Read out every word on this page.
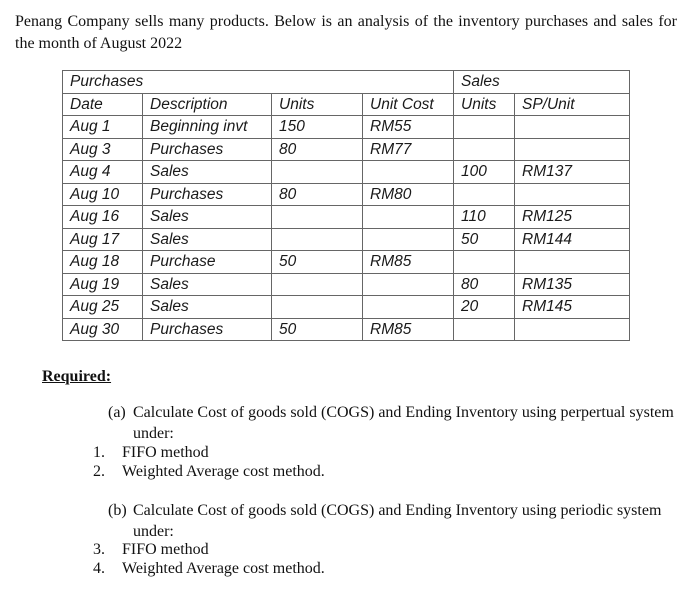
Penang Company sells many products. Below is an analysis of the inventory purchases and sales for the month of August 2022
Purchases				Sales	
Date	Description	Units	Unit Cost	Units	SP/Unit
Aug 1	Beginning invt	150	RM55		
Aug 3	Purchases	80	RM77		
Aug 4	Sales			100	RM137
Aug 10	Purchases	80	RM80		
Aug 16	Sales			110	RM125
Aug 17	Sales			50	RM144
Aug 18	Purchase	50	RM85		
Aug 19	Sales			80	RM135
Aug 25	Sales			20	RM145
Aug 30	Purchases	50	RM85		
Required:
(a) Calculate Cost of goods sold (COGS) and Ending Inventory using perpertual system
under:
1. FIFO method
2. Weighted Average cost method.
(b) Calculate Cost of goods sold (COGS) and Ending Inventory using periodic system
under:
3. FIFO method
4. Weighted Average cost method.
